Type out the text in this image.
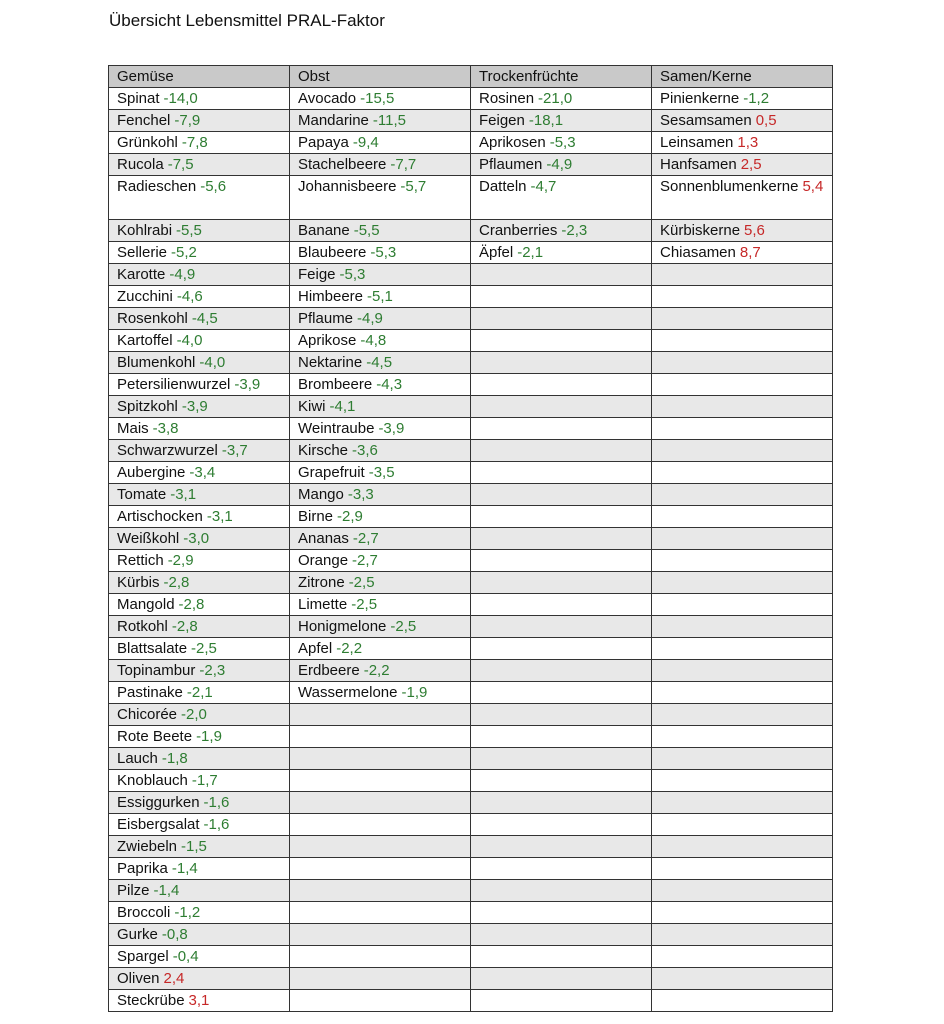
Übersicht Lebensmittel PRAL-Faktor
Gemüse	Obst	Trockenfrüchte	Samen/Kerne
Spinat -14,0	Avocado -15,5	Rosinen -21,0	Pinienkerne -1,2
Fenchel -7,9	Mandarine -11,5	Feigen -18,1	Sesamsamen 0,5
Grünkohl -7,8	Papaya -9,4	Aprikosen -5,3	Leinsamen 1,3
Rucola -7,5	Stachelbeere -7,7	Pflaumen -4,9	Hanfsamen 2,5
Radieschen -5,6	Johannisbeere -5,7	Datteln -4,7	Sonnenblumenkerne 5,4
Kohlrabi -5,5	Banane -5,5	Cranberries -2,3	Kürbiskerne 5,6
Sellerie -5,2	Blaubeere -5,3	Äpfel -2,1	Chiasamen 8,7
Karotte -4,9	Feige -5,3		
Zucchini -4,6	Himbeere -5,1		
Rosenkohl -4,5	Pflaume -4,9		
Kartoffel -4,0	Aprikose -4,8		
Blumenkohl -4,0	Nektarine -4,5		
Petersilienwurzel -3,9	Brombeere -4,3		
Spitzkohl -3,9	Kiwi -4,1		
Mais -3,8	Weintraube -3,9		
Schwarzwurzel -3,7	Kirsche -3,6		
Aubergine -3,4	Grapefruit -3,5		
Tomate -3,1	Mango -3,3		
Artischocken -3,1	Birne -2,9		
Weißkohl -3,0	Ananas -2,7		
Rettich -2,9	Orange -2,7		
Kürbis -2,8	Zitrone -2,5		
Mangold -2,8	Limette -2,5		
Rotkohl -2,8	Honigmelone -2,5		
Blattsalate -2,5	Apfel -2,2		
Topinambur -2,3	Erdbeere -2,2		
Pastinake -2,1	Wassermelone -1,9		
Chicorée -2,0			
Rote Beete -1,9			
Lauch -1,8			
Knoblauch -1,7			
Essiggurken -1,6			
Eisbergsalat -1,6			
Zwiebeln -1,5			
Paprika -1,4			
Pilze -1,4			
Broccoli -1,2			
Gurke -0,8			
Spargel -0,4			
Oliven 2,4			
Steckrübe 3,1			
